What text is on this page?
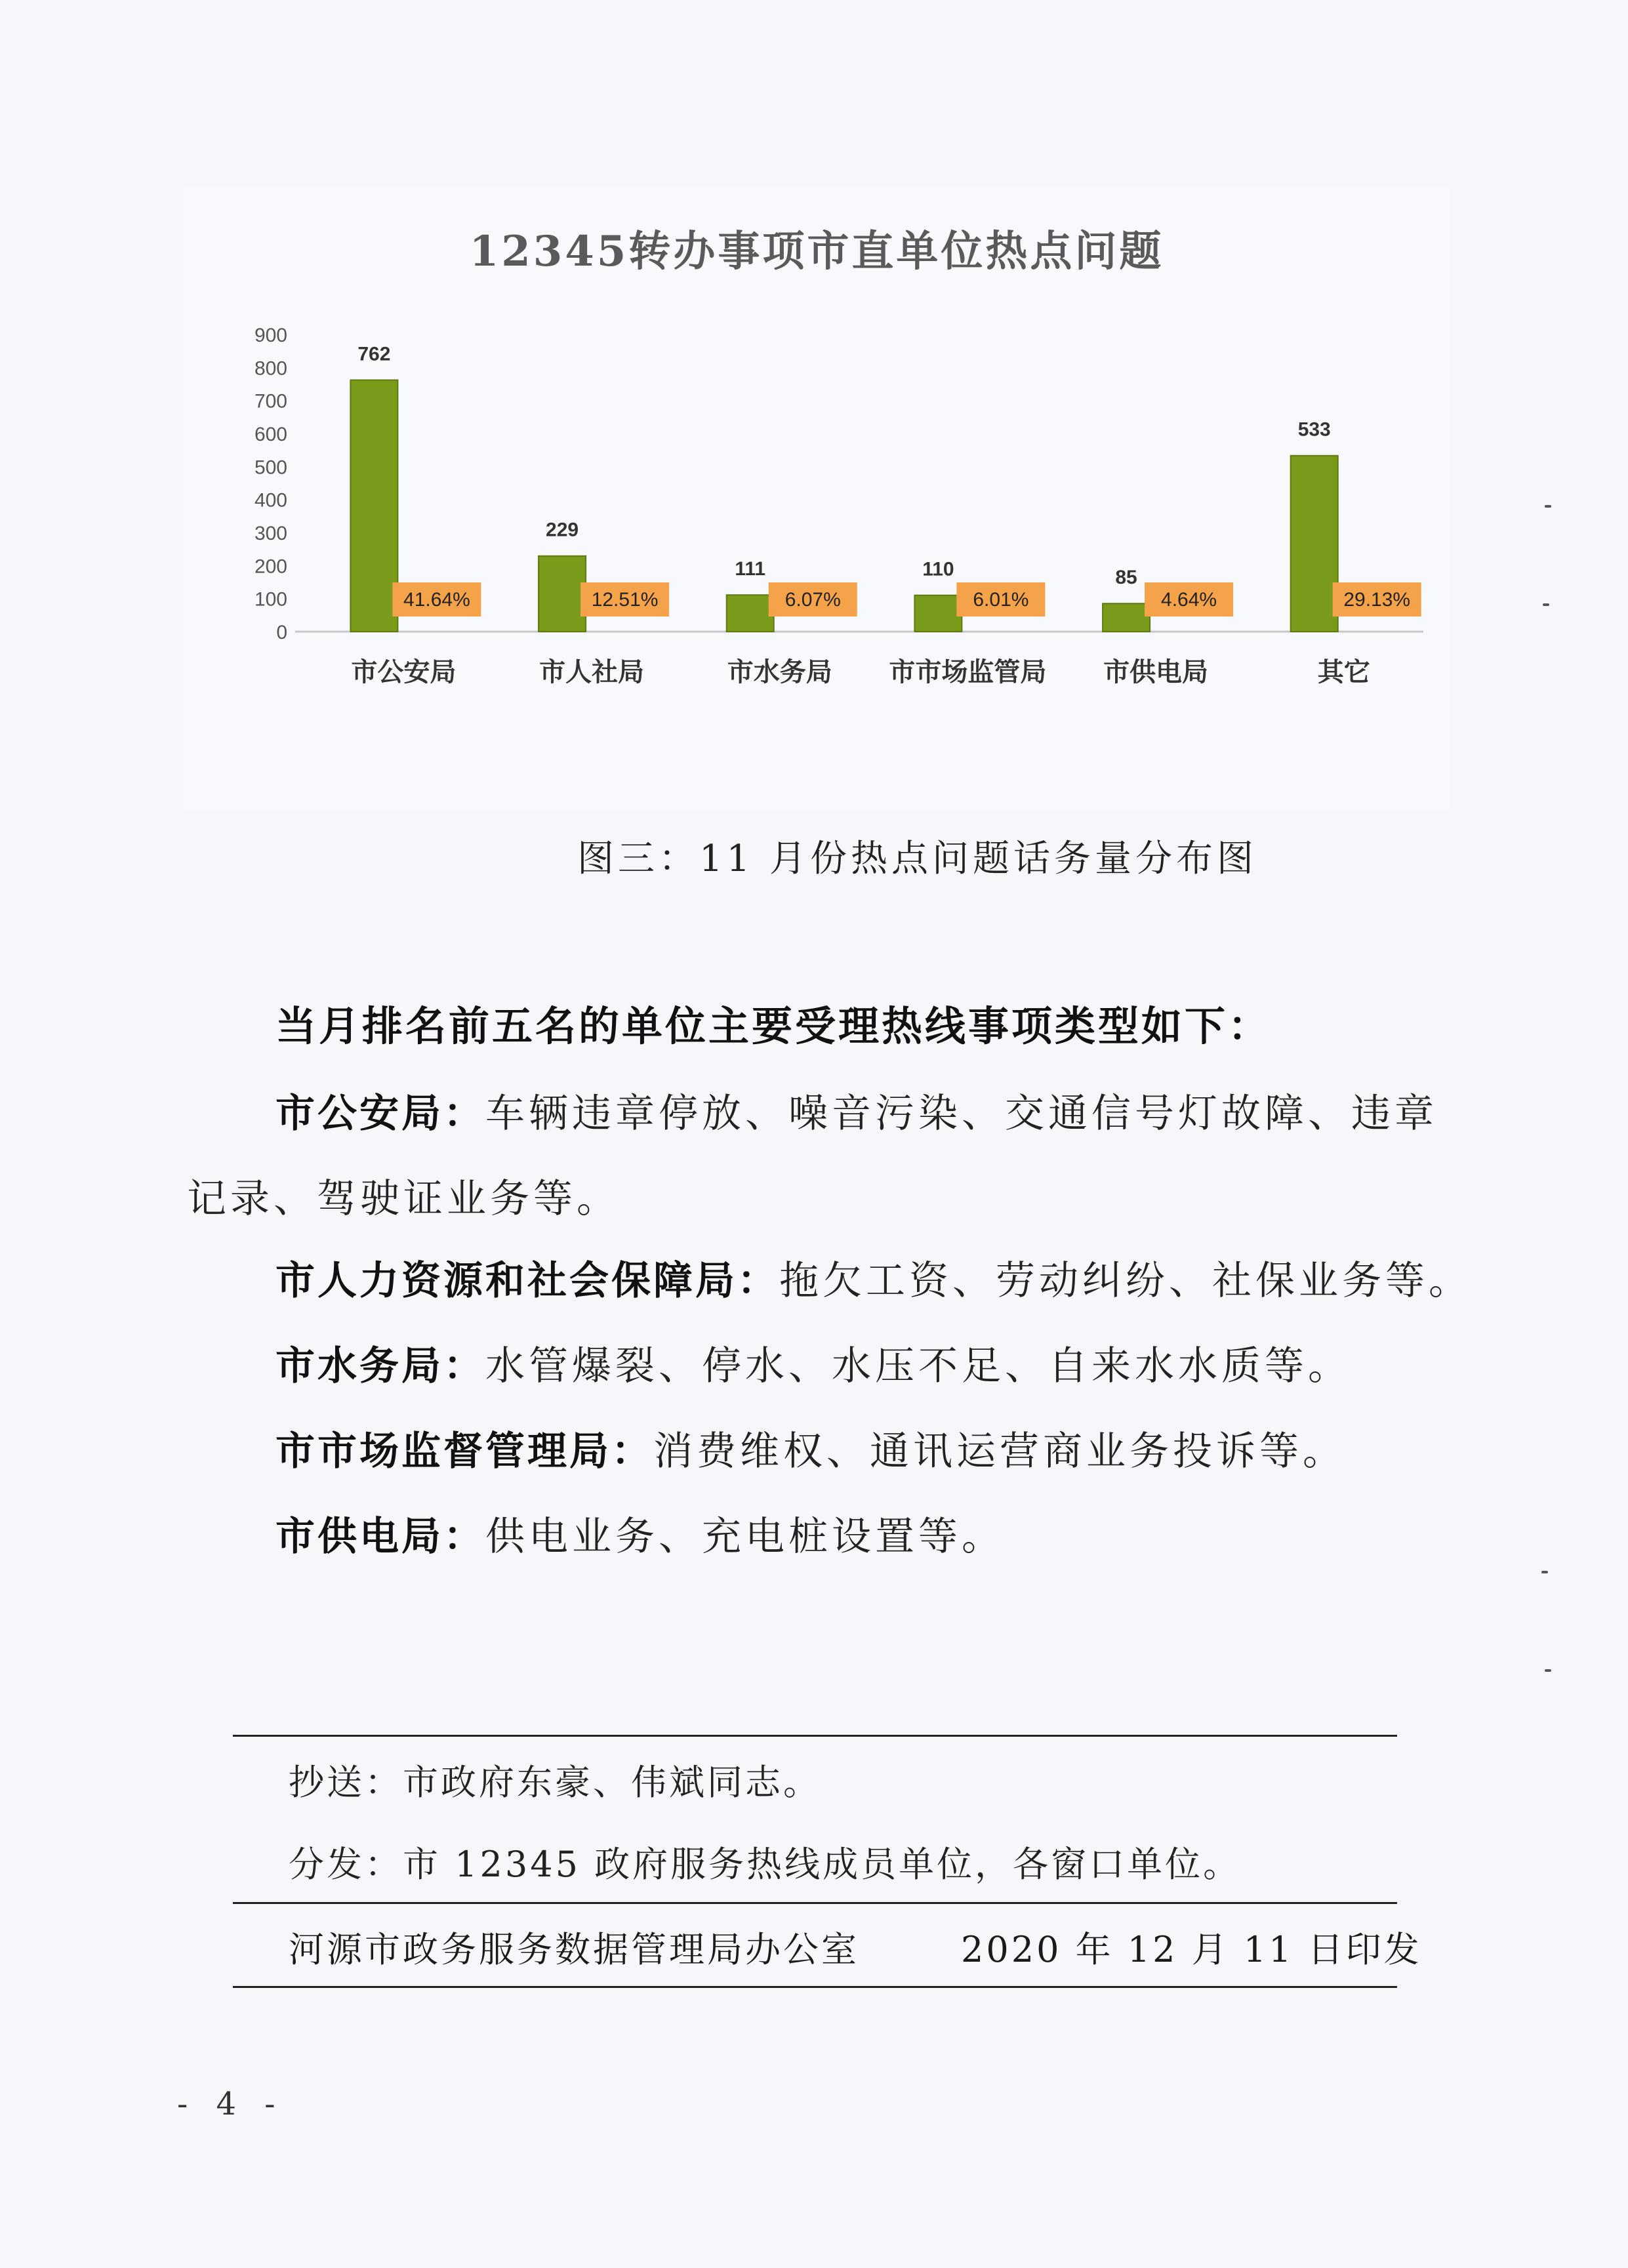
12345转办事项市直单位热点问题
0
100
200
300
400
500
600
700
800
900
762
41.64%
市公安局
229
12.51%
市人社局
111
6.07%
市水务局
110
6.01%
市市场监管局
85
4.64%
市供电局
533
29.13%
其它
图三：11 月份热点问题话务量分布图
当月排名前五名的单位主要受理热线事项类型如下：
市公安局：车辆违章停放、噪音污染、交通信号灯故障、违章
记录、驾驶证业务等。
市人力资源和社会保障局：拖欠工资、劳动纠纷、社保业务等。
市水务局：水管爆裂、停水、水压不足、自来水水质等。
市市场监督管理局：消费维权、通讯运营商业务投诉等。
市供电局：供电业务、充电桩设置等。
抄送：市政府东豪、伟斌同志。
分发：市 12345 政府服务热线成员单位，各窗口单位。
河源市政务服务数据管理局办公室	2020 年 12 月 11 日印发
- 4 -
